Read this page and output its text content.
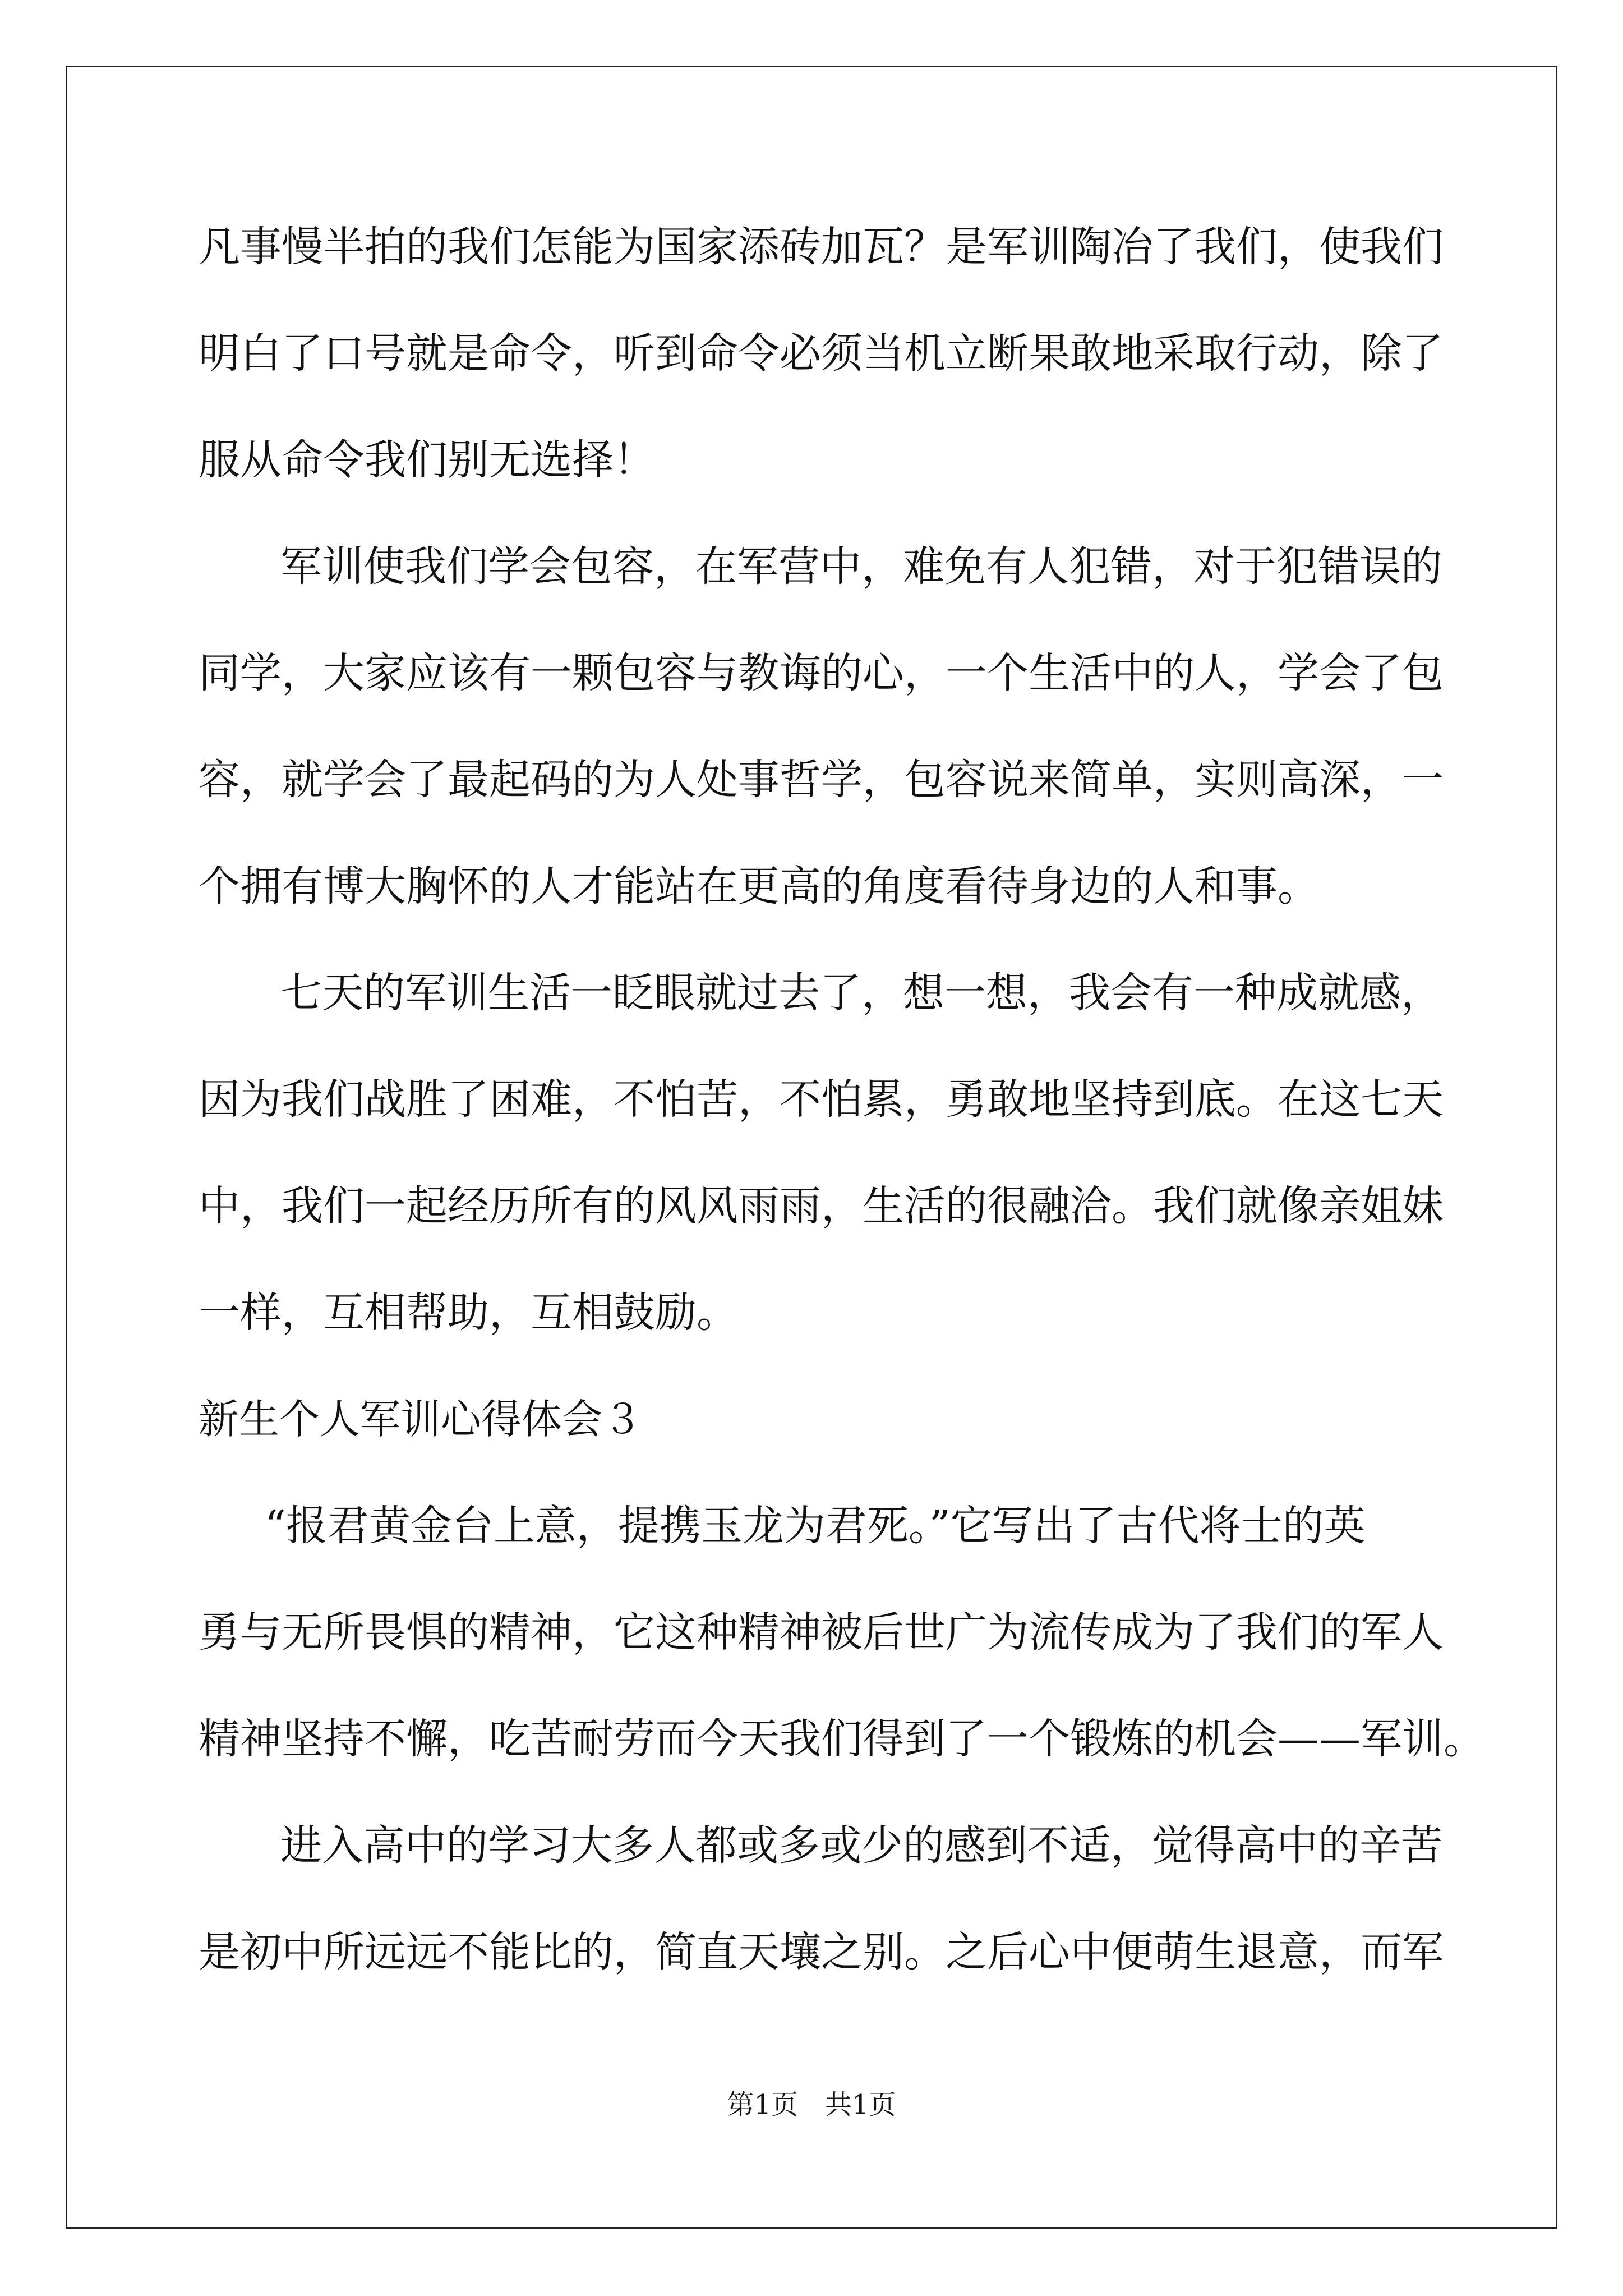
凡事慢半拍的我们怎能为国家添砖加瓦？是军训陶冶了我们，使我们
明白了口号就是命令，听到命令必须当机立断果敢地采取行动，除了
服从命令我们别无选择！
军训使我们学会包容，在军营中，难免有人犯错，对于犯错误的
同学，大家应该有一颗包容与教诲的心，一个生活中的人，学会了包
容，就学会了最起码的为人处事哲学，包容说来简单，实则高深，一
个拥有博大胸怀的人才能站在更高的角度看待身边的人和事。
七天的军训生活一眨眼就过去了，想一想，我会有一种成就感，
因为我们战胜了困难，不怕苦，不怕累，勇敢地坚持到底。在这七天
中，我们一起经历所有的风风雨雨，生活的很融洽。我们就像亲姐妹
一样，互相帮助，互相鼓励。
新生个人军训心得体会３
“报君黄金台上意，提携玉龙为君死。”它写出了古代将士的英
勇与无所畏惧的精神，它这种精神被后世广为流传成为了我们的军人
精神坚持不懈，吃苦耐劳而今天我们得到了一个锻炼的机会——军训。
进入高中的学习大多人都或多或少的感到不适，觉得高中的辛苦
是初中所远远不能比的，简直天壤之别。之后心中便萌生退意，而军
第1页　共1页
